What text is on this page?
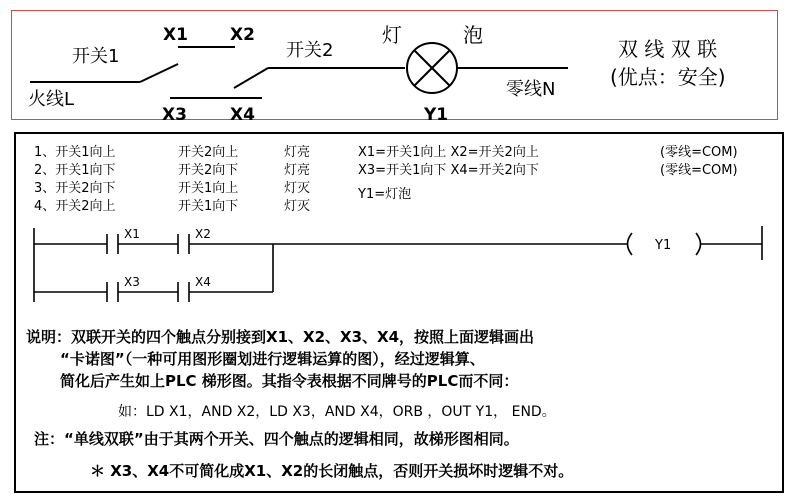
X1 X2
X3	X4
开关1	开关2
火线L
灯	泡
Y1
零线N
双 线 双 联
(优点：安全)
1、开关1向上	开关2向上	灯亮
2、开关1向下	开关2向下	灯亮
3、开关2向下	开关1向上	灯灭
4、开关2向上	开关1向下	灯灭
X1=开关1向上 X2=开关2向上
X3=开关1向下 X4=开关2向下
Y1=灯泡
(零线=COM)
(零线=COM)
X1	X2
X3	X4
Y1
说明：双联开关的四个触点分别接到X1、X2、X3、X4，按照上面逻辑画出
“卡诺图”（一种可用图形圈划进行逻辑运算的图），经过逻辑算、
简化后产生如上PLC 梯形图。其指令表根据不同牌号的PLC而不同：
如：LD X1，AND X2，LD X3，AND X4，ORB ，OUT Y1， END。
注：“单线双联”由于其两个开关、四个触点的逻辑相同，故梯形图相同。
＊ X3、X4不可简化成X1、X2的长闭触点，否则开关损坏时逻辑不对。
